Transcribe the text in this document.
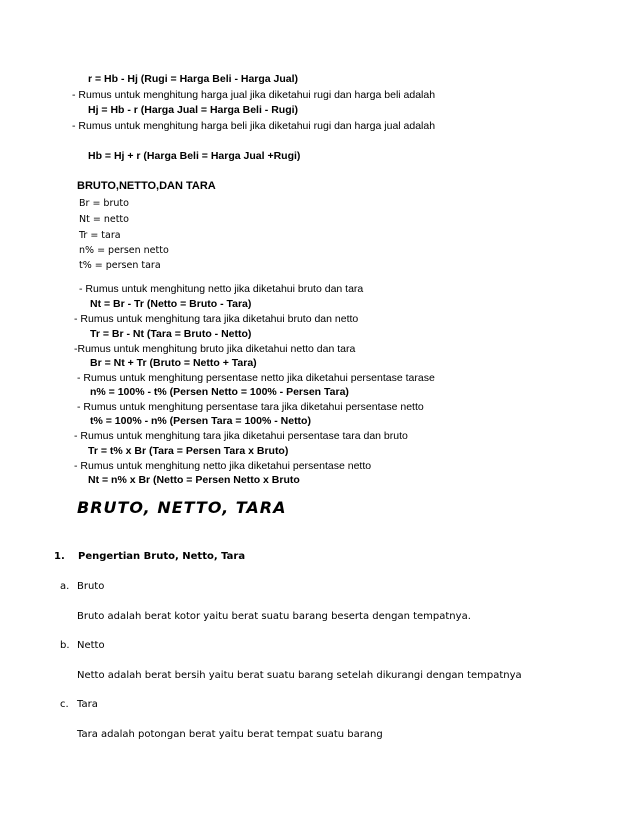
r = Hb - Hj (Rugi = Harga Beli - Harga Jual)
- Rumus untuk menghitung harga jual jika diketahui rugi dan harga beli adalah
Hj = Hb - r (Harga Jual = Harga Beli - Rugi)
- Rumus untuk menghitung harga beli jika diketahui rugi dan harga jual adalah
Hb = Hj + r (Harga Beli = Harga Jual +Rugi)
BRUTO,NETTO,DAN TARA
Br = bruto
Nt = netto
Tr = tara
n% = persen netto
t% = persen tara
- Rumus untuk menghitung netto jika diketahui bruto dan tara
Nt = Br - Tr (Netto = Bruto - Tara)
- Rumus untuk menghitung tara jika diketahui bruto dan netto
Tr = Br - Nt (Tara = Bruto - Netto)
-Rumus untuk menghitung bruto jika diketahui netto dan tara
Br = Nt + Tr (Bruto = Netto + Tara)
- Rumus untuk menghitung persentase netto jika diketahui persentase tarase
n% = 100% - t% (Persen Netto = 100% - Persen Tara)
- Rumus untuk menghitung persentase tara jika diketahui persentase netto
t% = 100% - n% (Persen Tara = 100% - Netto)
- Rumus untuk menghitung tara jika diketahui persentase tara dan bruto
Tr = t% x Br (Tara = Persen Tara x Bruto)
- Rumus untuk menghitung netto jika diketahui persentase netto
Nt = n% x Br (Netto = Persen Netto x Bruto
BRUTO, NETTO, TARA
1. Pengertian Bruto, Netto, Tara
a. Bruto
Bruto adalah berat kotor yaitu berat suatu barang beserta dengan tempatnya.
b. Netto
Netto adalah berat bersih yaitu berat suatu barang setelah dikurangi dengan tempatnya
c. Tara
Tara adalah potongan berat yaitu berat tempat suatu barang
